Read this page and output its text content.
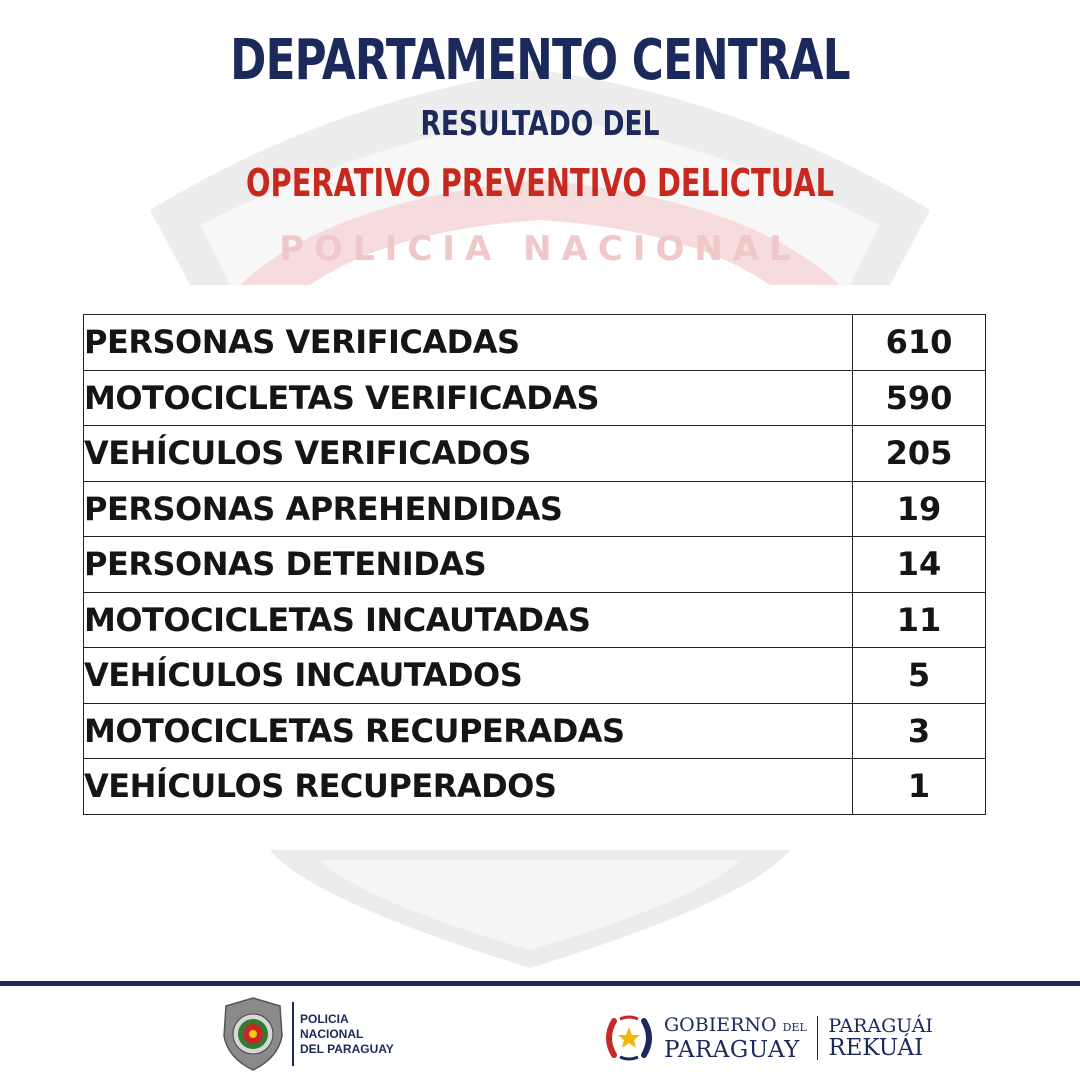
POLICIA NACIONAL
DEPARTAMENTO CENTRAL
RESULTADO DEL
OPERATIVO PREVENTIVO DELICTUAL
PERSONAS VERIFICADAS	610
MOTOCICLETAS VERIFICADAS	590
VEHÍCULOS VERIFICADOS	205
PERSONAS APREHENDIDAS	19
PERSONAS DETENIDAS	14
MOTOCICLETAS INCAUTADAS	11
VEHÍCULOS INCAUTADOS	5
MOTOCICLETAS RECUPERADAS	3
VEHÍCULOS RECUPERADOS	1
POLICIA
NACIONAL
DEL PARAGUAY
GOBIERNO DEL
PARAGUAY
PARAGUÁI
REKUÁI
